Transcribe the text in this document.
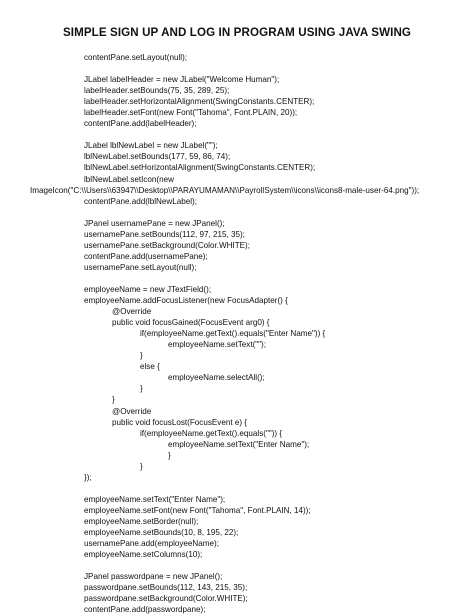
SIMPLE SIGN UP AND LOG IN PROGRAM USING JAVA SWING
contentPane.setLayout(null);
JLabel labelHeader = new JLabel("Welcome Human");
labelHeader.setBounds(75, 35, 289, 25);
labelHeader.setHorizontalAlignment(SwingConstants.CENTER);
labelHeader.setFont(new Font("Tahoma", Font.PLAIN, 20));
contentPane.add(labelHeader);
JLabel lblNewLabel = new JLabel("");
lblNewLabel.setBounds(177, 59, 86, 74);
lblNewLabel.setHorizontalAlignment(SwingConstants.CENTER);
lblNewLabel.setIcon(new
ImageIcon("C:\\Users\\63947\\Desktop\\PARAYUMAMAN\\PayrollSystem\\icons\\icons8-male-user-64.png"));
contentPane.add(lblNewLabel);
JPanel usernamePane = new JPanel();
usernamePane.setBounds(112, 97, 215, 35);
usernamePane.setBackground(Color.WHITE);
contentPane.add(usernamePane);
usernamePane.setLayout(null);
employeeName = new JTextField();
employeeName.addFocusListener(new FocusAdapter() {
@Override
public void focusGained(FocusEvent arg0) {
if(employeeName.getText().equals("Enter Name")) {
employeeName.setText("");
}
else {
employeeName.selectAll();
}
}
@Override
public void focusLost(FocusEvent e) {
if(employeeName.getText().equals("")) {
employeeName.setText("Enter Name");
}
}
});
employeeName.setText("Enter Name");
employeeName.setFont(new Font("Tahoma", Font.PLAIN, 14));
employeeName.setBorder(null);
employeeName.setBounds(10, 8, 195, 22);
usernamePane.add(employeeName);
employeeName.setColumns(10);
JPanel passwordpane = new JPanel();
passwordpane.setBounds(112, 143, 215, 35);
passwordpane.setBackground(Color.WHITE);
contentPane.add(passwordpane);
